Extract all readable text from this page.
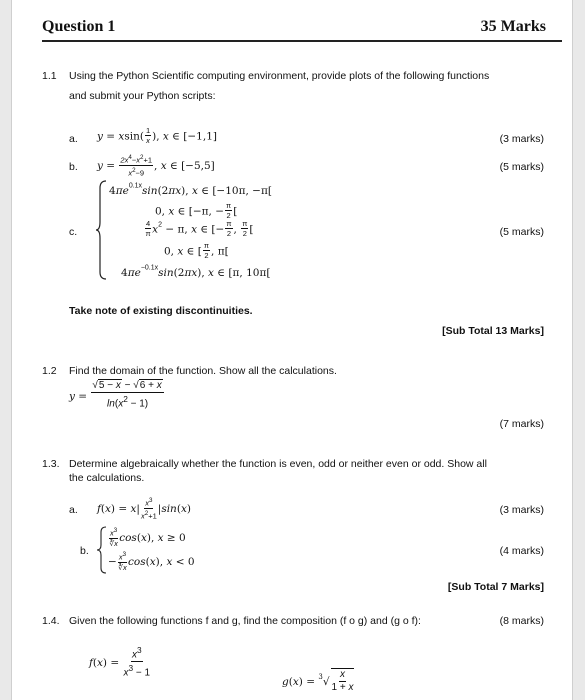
Question 1	35 Marks
1.1 Using the Python Scientific computing environment, provide plots of the following functions
and submit your Python scripts:
a. $y = xsin( \frac{1}{x}$ ), x ∈ [−1,1]	(3 marks)
b. $y = \frac{2x^4-x^2+1}{x^2-9}$ , x ∈ [−5,5]	(5 marks)
c.
$4\pi e^{0.1x}\sin(2\pi x)$, x ∈ [−10π, −π[
0, x ∈ [−π, − $\frac{\pi}{2}$ [
$\frac{4}{\pi} x^2 - \pi$, x ∈ [− $\frac{\pi}{2}$ , $\frac{\pi}{2}$ [
0, x ∈ [ $\frac{\pi}{2}$ , π[
$4\pi e^{-0.1x}\sin(2\pi x)$, x ∈ [π, 10π[
(5 marks)
Take note of existing discontinuities.
[Sub Total 13 Marks]
1.2 Find the domain of the function. Show all the calculations.
$y = \frac{√5 - x - √6 + x}{\ln(x^2 - 1)}$
(7 marks)
1.3. Determine algebraically whether the function is even, odd or neither even or odd. Show all
the calculations.
a. $f(x) = x| \frac{x^3}{x^2+1} |\sin(x)$	(3 marks)
b.
$\frac{x^3}{∛x} \cos(x)$, x ≥ 0
− $\frac{x^3}{∛x} \cos(x)$, x < 0
(4 marks)
[Sub Total 7 Marks]
1.4. Given the following functions f and g, find the composition (f o g) and (g o f):	(8 marks)
$f(x) = \frac{x^3}{x^3 - 1}$
$g(x) = ^3√ \frac{x}{1 + x}$
